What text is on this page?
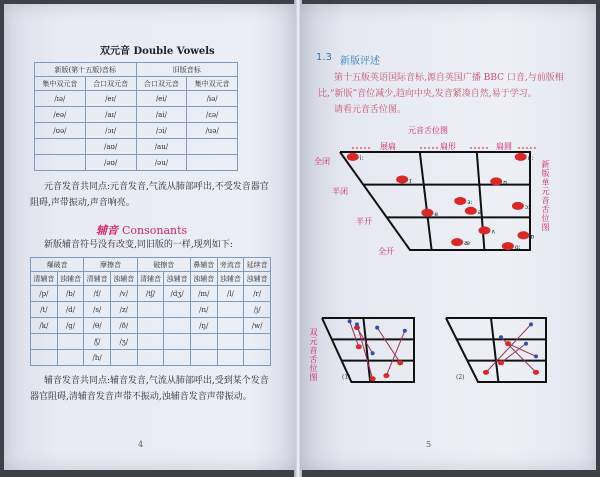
双元音 Double Vowels
新版(第十五版)音标		旧版音标	
集中双元音	合口双元音	合口双元音	集中双元音
/ɪə/	/eɪ/	/ei/	/iə/
/eə/	/aɪ/	/ai/	/ɛə/
/ʊə/	/ɔɪ/	/ɔi/	/uə/
	/aʊ/	/au/	
	/əʊ/	/əu/	
元音发音共同点:元音发音,气流从肺部呼出,不受发音器官
阻碍,声带振动,声音响亮。
辅音 Consonants
新版辅音符号没有改变,同旧版的一样,现列如下:
爆破音		摩擦音		破擦音		鼻辅音	旁流音	延续音
清辅音	浊辅音	清辅音	浊辅音	清辅音	浊辅音	浊辅音	浊辅音	浊辅音
/p/	/b/	/f/	/v/	/tʃ/	/dʒ/	/m/	/l/	/r/
/t/	/d/	/s/	/z/			/n/		/j/
/k/	/g/	/θ/	/ð/			/ŋ/		/w/
		/ʃ/	/ʒ/					
		/h/						
辅音发音共同点:辅音发音,气流从肺部呼出,受到某个发音
器官阻碍,清辅音发音声带不振动,浊辅音发音声带振动。
4
1.3 新版评述
第十五版英语国际音标,源自英国广播 BBC 口音,与前版相
比,“新版”音位减少,趋向中央,发音紧凑自然,易于学习。
请看元音舌位图。
元音舌位图
展扁	扁形	扁圆
全闭
半闭
半开
全开
新版单元音舌位图
双元音舌位图	(1)	(2)
5
iː
ɪ
e
æ
ɜː
ə
ʌ
uː
ʊ
ɔː
ɒ
ɑː
